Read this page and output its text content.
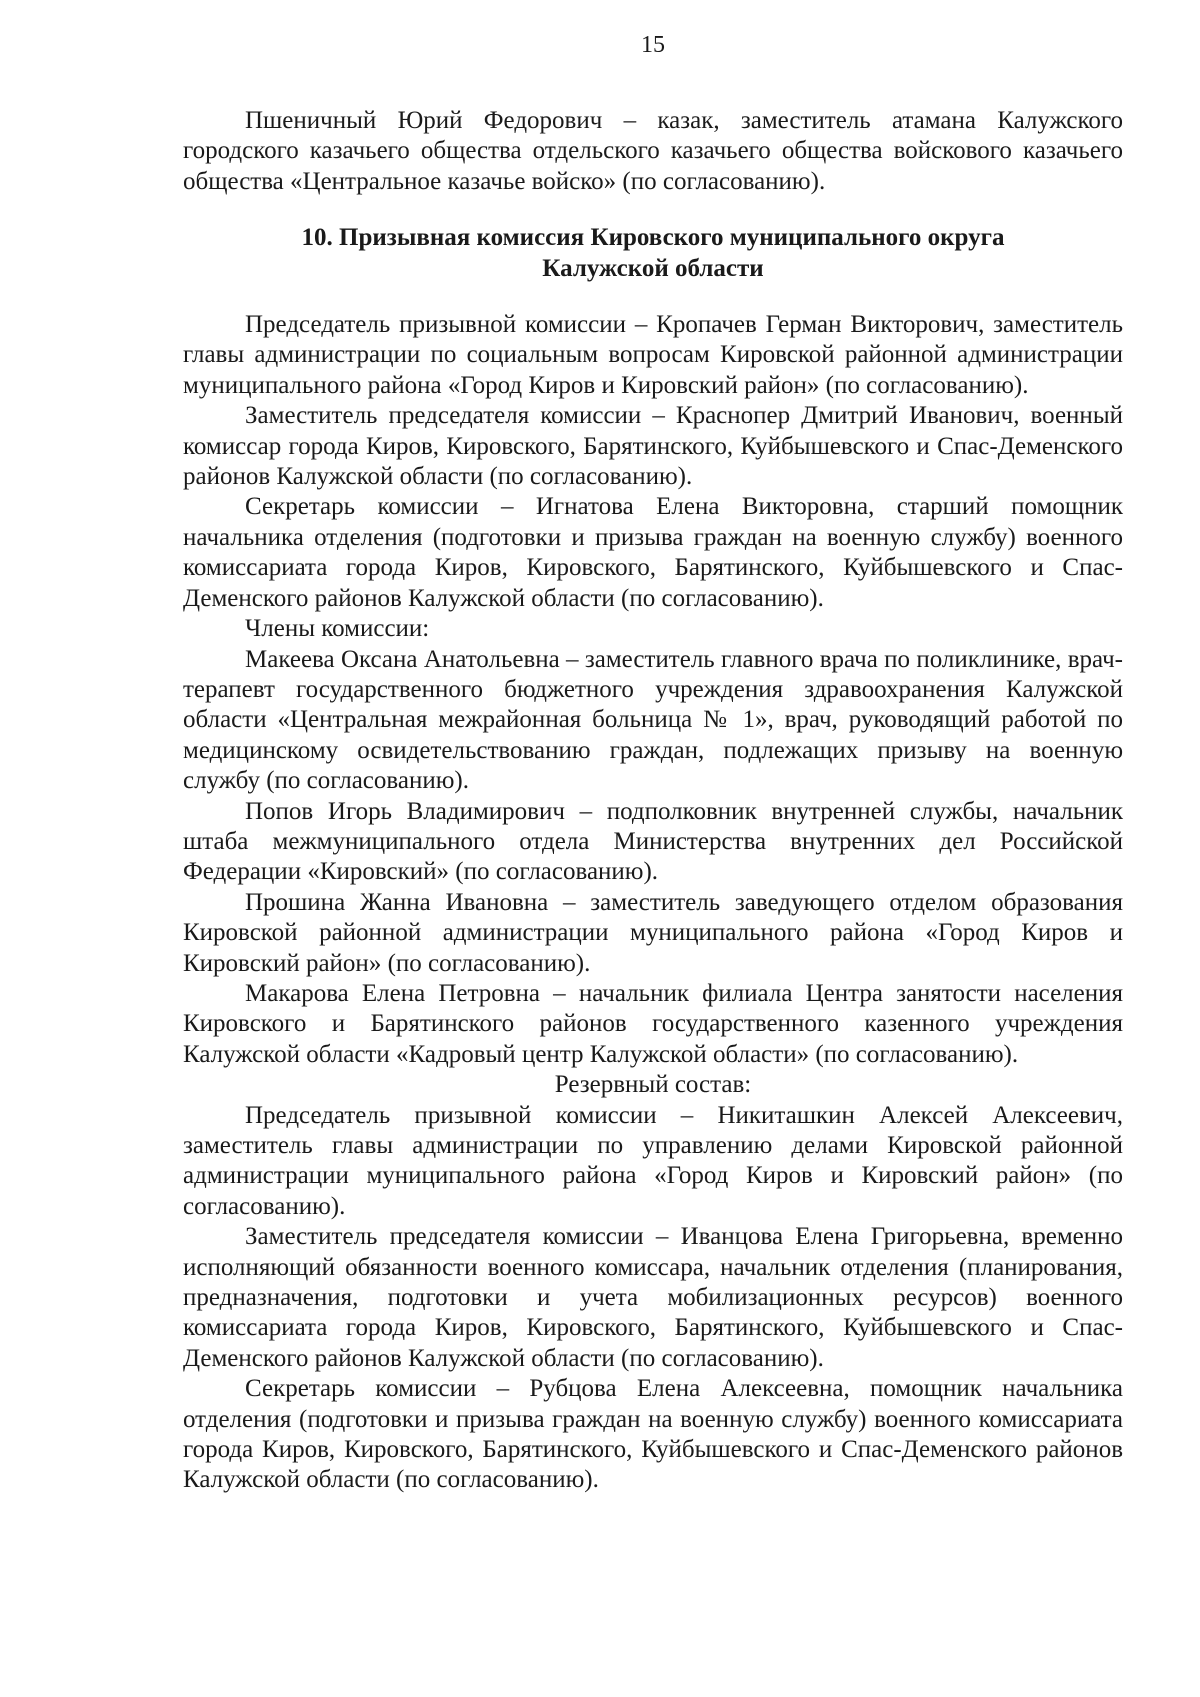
15

Пшеничный Юрий Федорович – казак, заместитель атамана Калужского городского казачьего общества отдельского казачьего общества войскового казачьего общества «Центральное казачье войско» (по согласованию).

10. Призывная комиссия Кировского муниципального округа
Калужской области

Председатель призывной комиссии – Кропачев Герман Викторович, заместитель главы администрации по социальным вопросам Кировской районной администрации муниципального района «Город Киров и Кировский район» (по согласованию).

Заместитель председателя комиссии – Краснопер Дмитрий Иванович, военный комиссар города Киров, Кировского, Барятинского, Куйбышевского и Спас-Деменского районов Калужской области (по согласованию).

Секретарь комиссии – Игнатова Елена Викторовна, старший помощник начальника отделения (подготовки и призыва граждан на военную службу) военного комиссариата города Киров, Кировского, Барятинского, Куйбышевского и Спас-Деменского районов Калужской области (по согласованию).

Члены комиссии:

Макеева Оксана Анатольевна – заместитель главного врача по поликлинике, врач-терапевт государственного бюджетного учреждения здравоохранения Калужской области «Центральная межрайонная больница № 1», врач, руководящий работой по медицинскому освидетельствованию граждан, подлежащих призыву на военную службу (по согласованию).

Попов Игорь Владимирович – подполковник внутренней службы, начальник штаба межмуниципального отдела Министерства внутренних дел Российской Федерации «Кировский» (по согласованию).

Прошина Жанна Ивановна – заместитель заведующего отделом образования Кировской районной администрации муниципального района «Город Киров и Кировский район» (по согласованию).

Макарова Елена Петровна – начальник филиала Центра занятости населения Кировского и Барятинского районов государственного казенного учреждения Калужской области «Кадровый центр Калужской области» (по согласованию).

Резервный состав:

Председатель призывной комиссии – Никиташкин Алексей Алексеевич, заместитель главы администрации по управлению делами Кировской районной администрации муниципального района «Город Киров и Кировский район» (по согласованию).

Заместитель председателя комиссии – Иванцова Елена Григорьевна, временно исполняющий обязанности военного комиссара, начальник отделения (планирования, предназначения, подготовки и учета мобилизационных ресурсов) военного комиссариата города Киров, Кировского, Барятинского, Куйбышевского и Спас-Деменского районов Калужской области (по согласованию).

Секретарь комиссии – Рубцова Елена Алексеевна, помощник начальника отделения (подготовки и призыва граждан на военную службу) военного комиссариата города Киров, Кировского, Барятинского, Куйбышевского и Спас-Деменского районов Калужской области (по согласованию).
